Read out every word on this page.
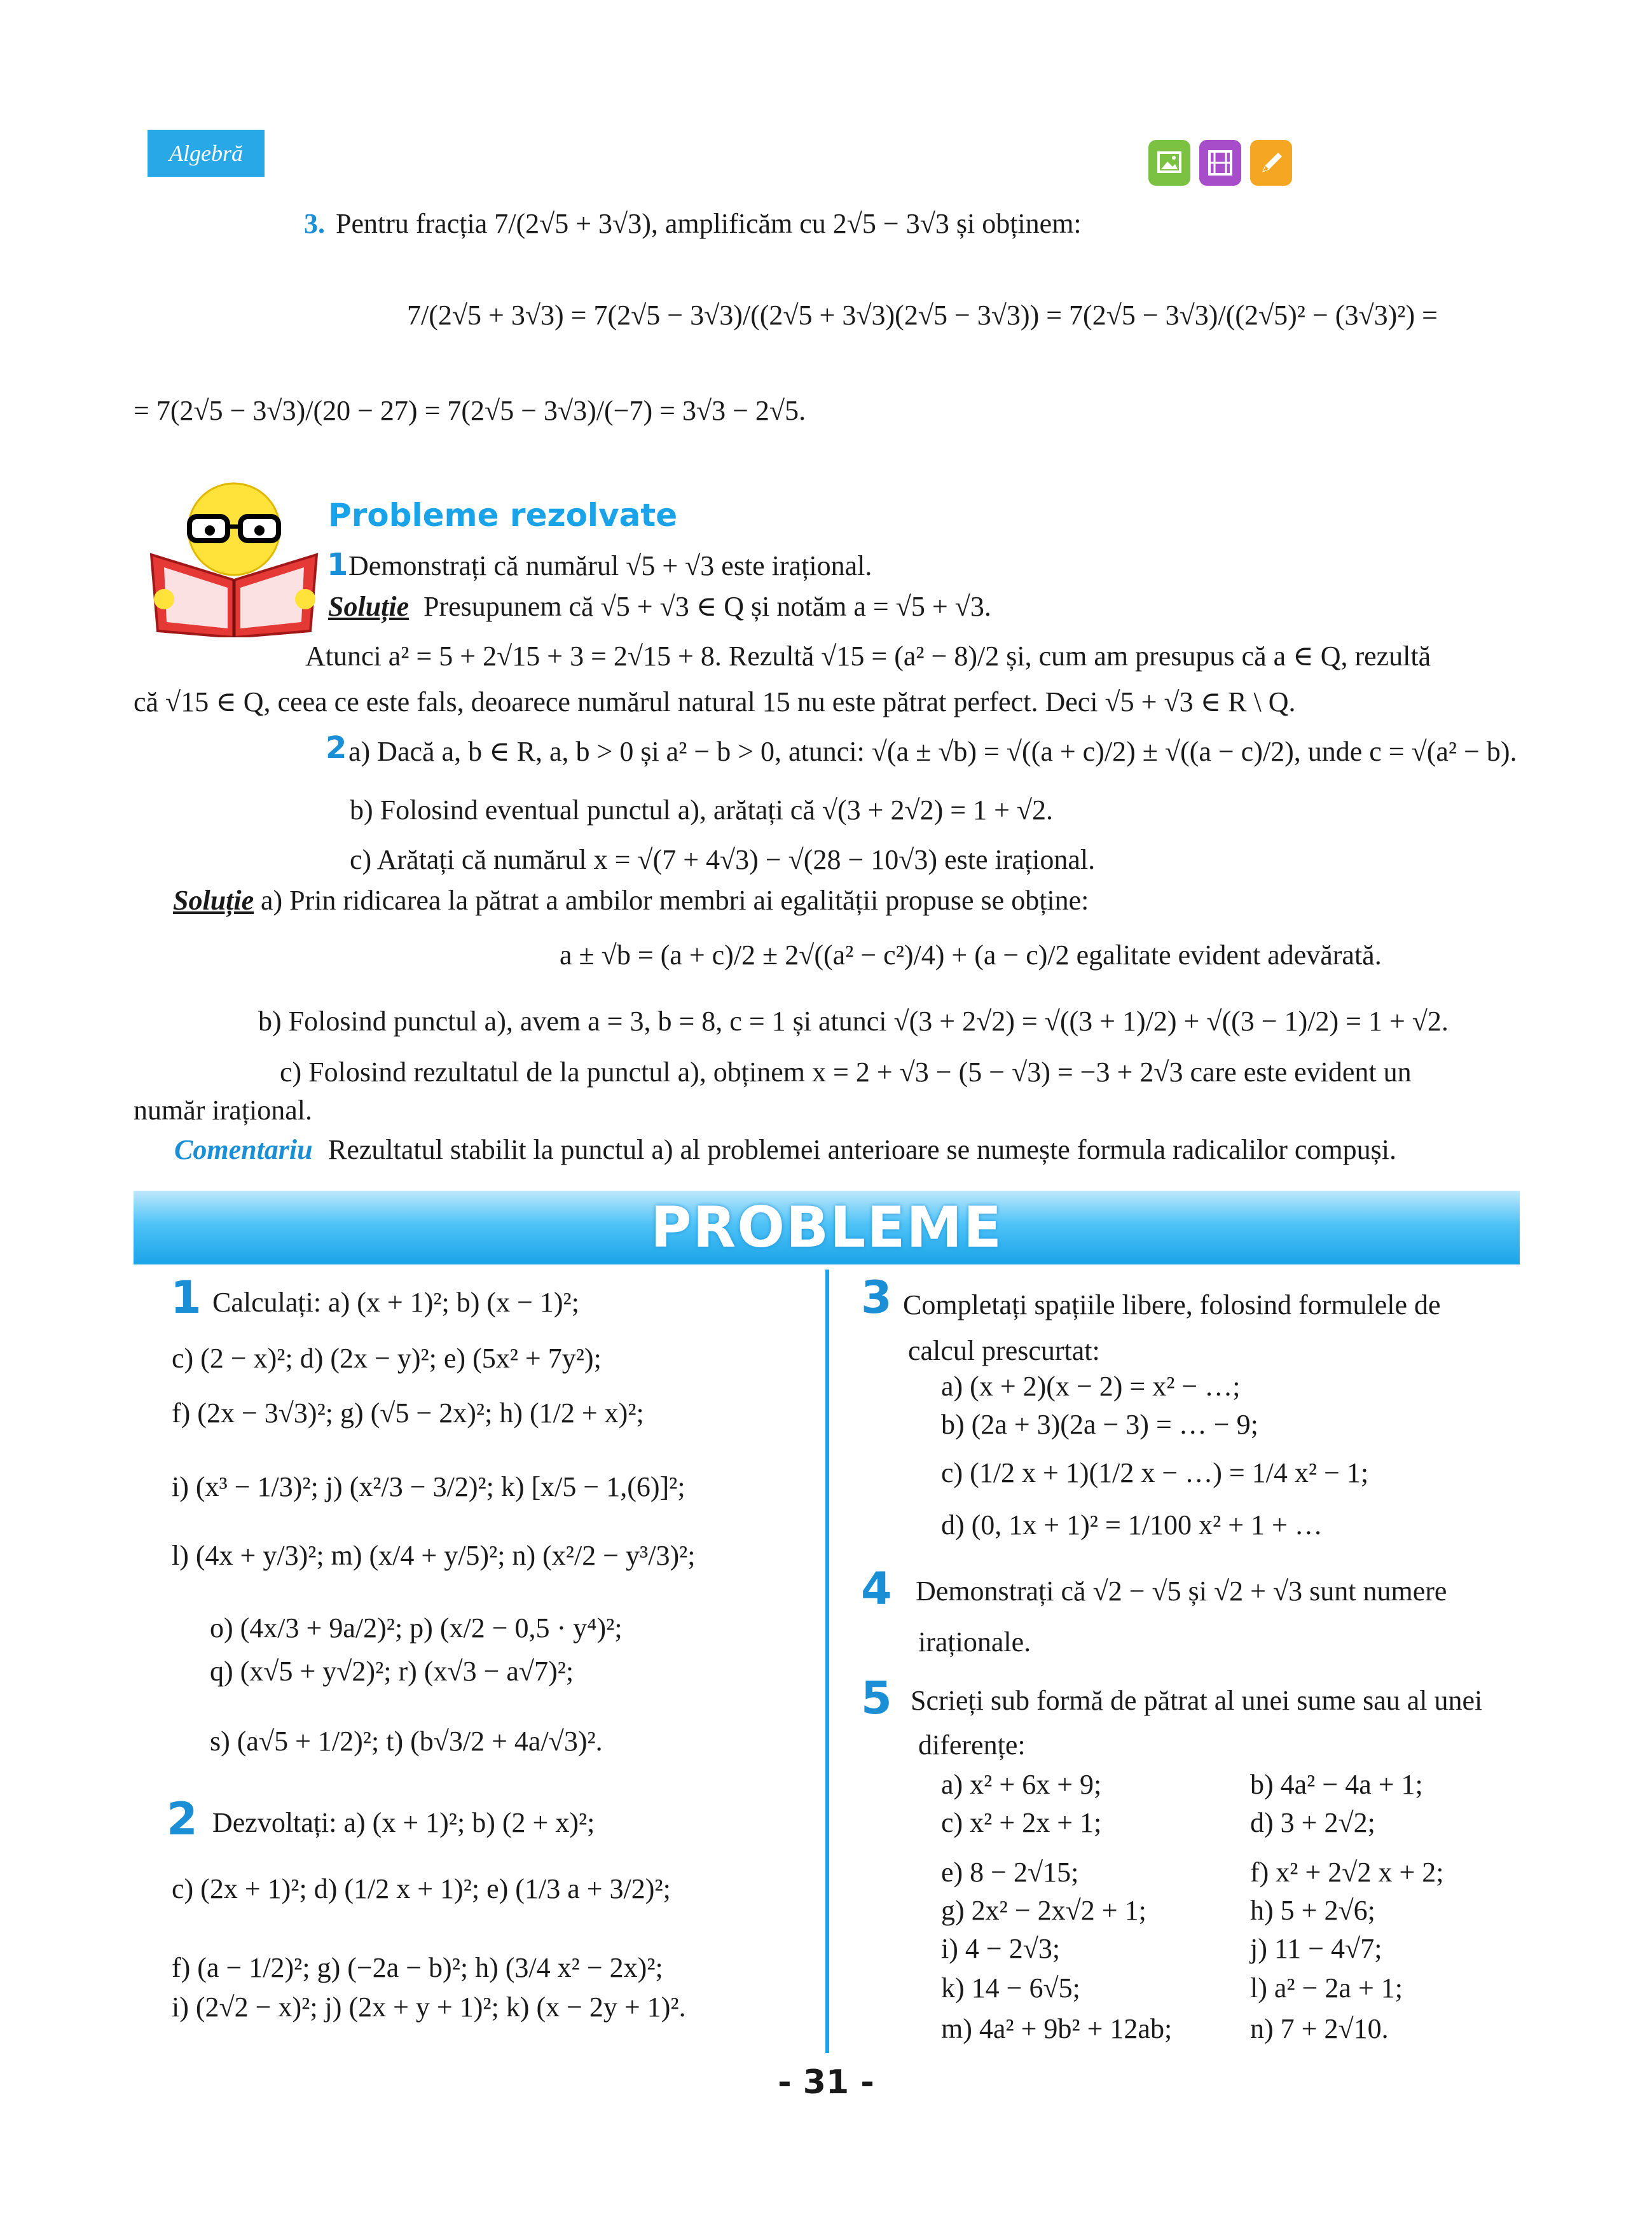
Algebră
3. Pentru fracția 7/(2√5 + 3√3), amplificăm cu 2√5 − 3√3 și obținem:
7/(2√5 + 3√3) = 7(2√5 − 3√3)/((2√5 + 3√3)(2√5 − 3√3)) = 7(2√5 − 3√3)/((2√5)² − (3√3)²) =
= 7(2√5 − 3√3)/(20 − 27) = 7(2√5 − 3√3)/(−7) = 3√3 − 2√5.
Probleme rezolvate
1 Demonstrați că numărul √5 + √3 este irațional.
Soluție Presupunem că √5 + √3 ∈ Q și notăm a = √5 + √3.
Atunci a² = 5 + 2√15 + 3 = 2√15 + 8. Rezultă √15 = (a² − 8)/2 și, cum am presupus că a ∈ Q, rezultă
că √15 ∈ Q, ceea ce este fals, deoarece numărul natural 15 nu este pătrat perfect. Deci √5 + √3 ∈ R \ Q.
2 a) Dacă a, b ∈ R, a, b > 0 și a² − b > 0, atunci: √(a ± √b) = √((a + c)/2) ± √((a − c)/2), unde c = √(a² − b).
b) Folosind eventual punctul a), arătați că √(3 + 2√2) = 1 + √2.
c) Arătați că numărul x = √(7 + 4√3) − √(28 − 10√3) este irațional.
Soluție a) Prin ridicarea la pătrat a ambilor membri ai egalității propuse se obține:
a ± √b = (a + c)/2 ± 2√((a² − c²)/4) + (a − c)/2 egalitate evident adevărată.
b) Folosind punctul a), avem a = 3, b = 8, c = 1 și atunci √(3 + 2√2) = √((3 + 1)/2) + √((3 − 1)/2) = 1 + √2.
c) Folosind rezultatul de la punctul a), obținem x = 2 + √3 − (5 − √3) = −3 + 2√3 care este evident un
număr irațional.
Comentariu Rezultatul stabilit la punctul a) al problemei anterioare se numește formula radicalilor compuși.
PROBLEME
1 Calculați: a) (x + 1)²; b) (x − 1)²;
c) (2 − x)²; d) (2x − y)²; e) (5x² + 7y²);
f) (2x − 3√3)²; g) (√5 − 2x)²; h) (1/2 + x)²;
i) (x³ − 1/3)²; j) (x²/3 − 3/2)²; k) [x/5 − 1,(6)]²;
l) (4x + y/3)²; m) (x/4 + y/5)²; n) (x²/2 − y³/3)²;
o) (4x/3 + 9a/2)²; p) (x/2 − 0,5 · y⁴)²;
q) (x√5 + y√2)²; r) (x√3 − a√7)²;
s) (a√5 + 1/2)²; t) (b√3/2 + 4a/√3)².
2 Dezvoltați: a) (x + 1)²; b) (2 + x)²;
c) (2x + 1)²; d) (1/2 x + 1)²; e) (1/3 a + 3/2)²;
f) (a − 1/2)²; g) (−2a − b)²; h) (3/4 x² − 2x)²;
i) (2√2 − x)²; j) (2x + y + 1)²; k) (x − 2y + 1)².
3 Completați spațiile libere, folosind formulele de
calcul prescurtat:
a) (x + 2)(x − 2) = x² − …;
b) (2a + 3)(2a − 3) = … − 9;
c) (1/2 x + 1)(1/2 x − …) = 1/4 x² − 1;
d) (0, 1x + 1)² = 1/100 x² + 1 + …
4 Demonstrați că √2 − √5 și √2 + √3 sunt numere
iraționale.
5 Scrieți sub formă de pătrat al unei sume sau al unei
diferențe:
a) x² + 6x + 9;
c) x² + 2x + 1;
e) 8 − 2√15;
g) 2x² − 2x√2 + 1;
i) 4 − 2√3;
k) 14 − 6√5;
m) 4a² + 9b² + 12ab;
b) 4a² − 4a + 1;
d) 3 + 2√2;
f) x² + 2√2 x + 2;
h) 5 + 2√6;
j) 11 − 4√7;
l) a² − 2a + 1;
n) 7 + 2√10.
- 31 -
